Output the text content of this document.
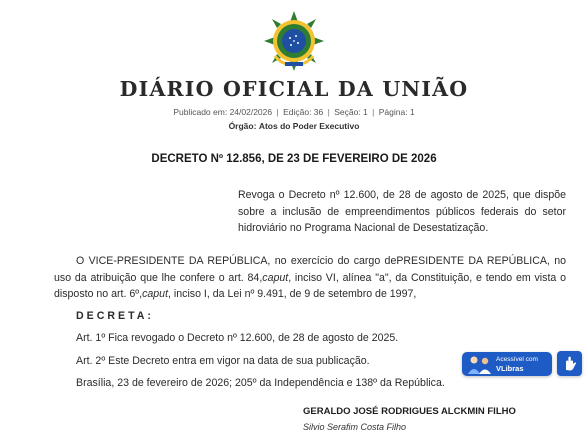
DIÁRIO OFICIAL DA UNIÃO
Publicado em: 24/02/2026 | Edição: 36 | Seção: 1 | Página: 1
Órgão: Atos do Poder Executivo
DECRETO Nº 12.856, DE 23 DE FEVEREIRO DE 2026
Revoga o Decreto nº 12.600, de 28 de agosto de 2025, que dispõe sobre a inclusão de empreendimentos públicos federais do setor hidroviário no Programa Nacional de Desestatização.
O VICE-PRESIDENTE DA REPÚBLICA, no exercício do cargo dePRESIDENTE DA REPÚBLICA, no uso da atribuição que lhe confere o art. 84,caput, inciso VI, alínea "a", da Constituição, e tendo em vista o disposto no art. 6º,caput, inciso I, da Lei nº 9.491, de 9 de setembro de 1997,
DECRETA:
Art. 1º Fica revogado o Decreto nº 12.600, de 28 de agosto de 2025.
Art. 2º Este Decreto entra em vigor na data de sua publicação.
Brasília, 23 de fevereiro de 2026; 205º da Independência e 138º da República.
GERALDO JOSÉ RODRIGUES ALCKMIN FILHO
Silvio Serafim Costa Filho
Acessível com
VLibras
